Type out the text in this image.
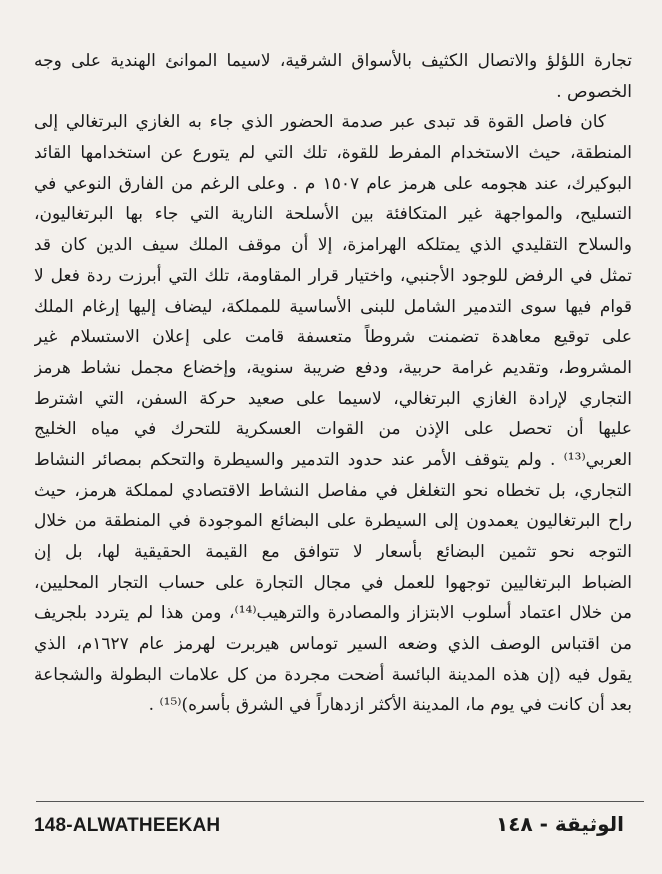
تجارة اللؤلؤ والاتصال الكثيف بالأسواق الشرقية، لاسيما الموانئ الهندية على وجه
الخصوص .
كان فاصل القوة قد تبدى عبر صدمة الحضور الذي جاء به الغازي البرتغالي إلى
المنطقة، حيث الاستخدام المفرط للقوة، تلك التي لم يتورع عن استخدامها القائد
البوكيرك، عند هجومه على هرمز عام ١٥٠٧ م . وعلى الرغم من الفارق النوعي في
التسليح، والمواجهة غير المتكافئة بين الأسلحة النارية التي جاء بها البرتغاليون،
والسلاح التقليدي الذي يمتلكه الهرامزة، إلا أن موقف الملك سيف الدين كان قد
تمثل في الرفض للوجود الأجنبي، واختيار قرار المقاومة، تلك التي أبرزت ردة فعل لا
قوام فيها سوى التدمير الشامل للبنى الأساسية للمملكة، ليضاف إليها إرغام الملك
على توقيع معاهدة تضمنت شروطاً متعسفة قامت على إعلان الاستسلام غير
المشروط، وتقديم غرامة حربية، ودفع ضريبة سنوية، وإخضاع مجمل نشاط هرمز
التجاري لإرادة الغازي البرتغالي، لاسيما على صعيد حركة السفن، التي اشترط
عليها أن تحصل على الإذن من القوات العسكرية للتحرك في مياه الخليج
العربي⁽¹³⁾ . ولم يتوقف الأمر عند حدود التدمير والسيطرة والتحكم بمصائر النشاط
التجاري، بل تخطاه نحو التغلغل في مفاصل النشاط الاقتصادي لمملكة هرمز، حيث
راح البرتغاليون يعمدون إلى السيطرة على البضائع الموجودة في المنطقة من خلال
التوجه نحو تثمين البضائع بأسعار لا تتوافق مع القيمة الحقيقية لها، بل إن
الضباط البرتغاليين توجهوا للعمل في مجال التجارة على حساب التجار المحليين،
من خلال اعتماد أسلوب الابتزاز والمصادرة والترهيب⁽¹⁴⁾، ومن هذا لم يتردد بلجريف
من اقتباس الوصف الذي وضعه السير توماس هيربرت لهرمز عام ١٦٢٧م، الذي
يقول فيه (إن هذه المدينة البائسة أضحت مجردة من كل علامات البطولة والشجاعة
بعد أن كانت في يوم ما، المدينة الأكثر ازدهاراً في الشرق بأسره)⁽¹⁵⁾ .
148-ALWATHEEKAH	الوثيقة - ١٤٨
